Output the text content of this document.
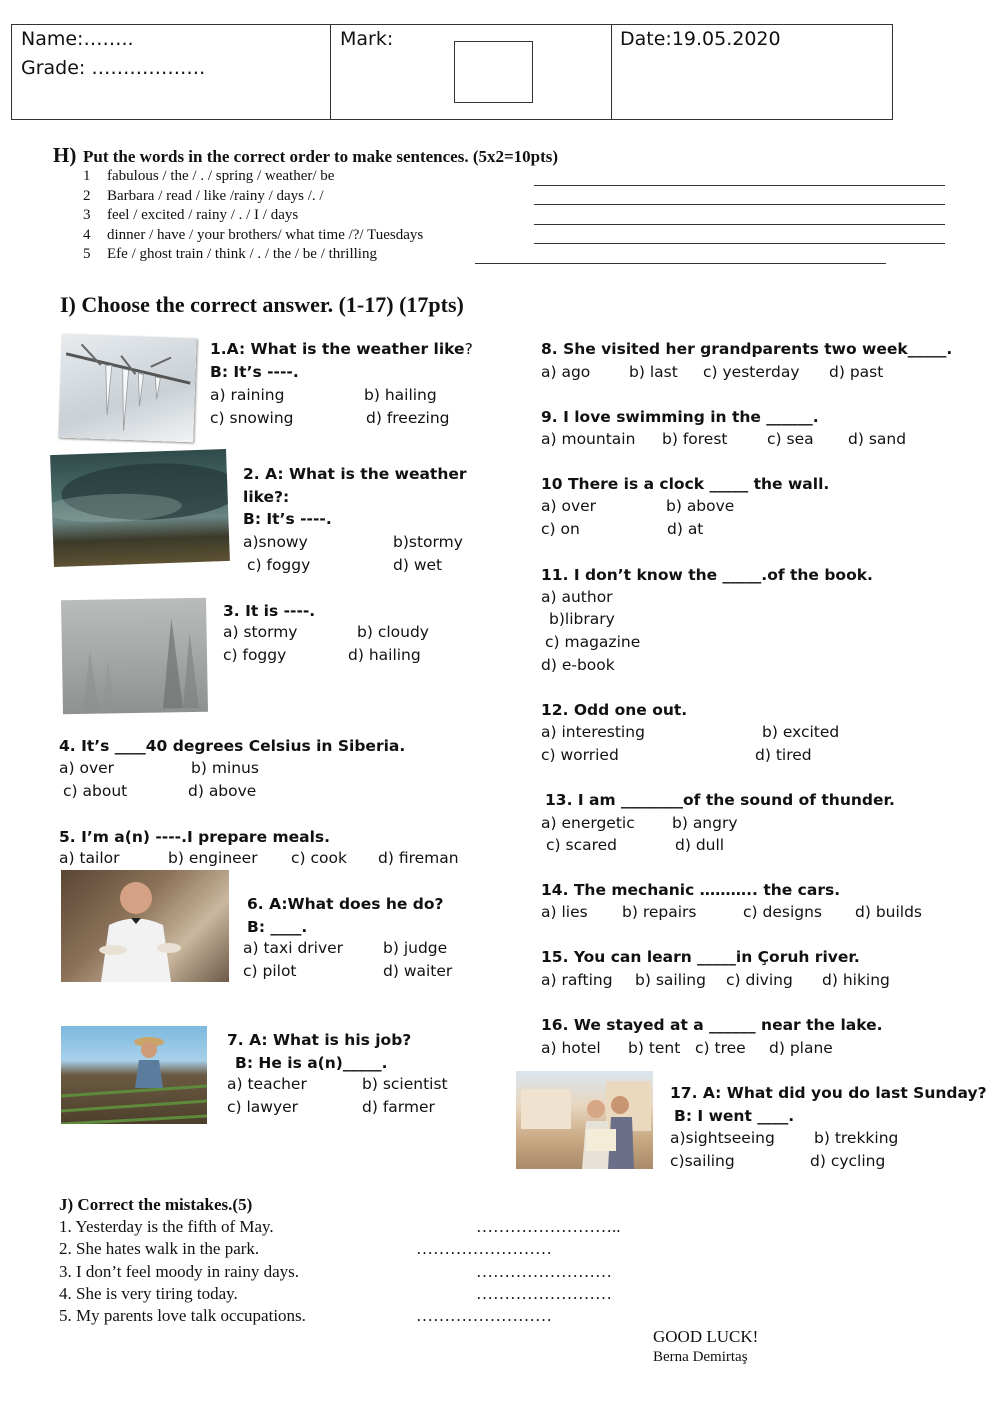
Name:……..
Grade: ………………
Mark:	Date:19.05.2020
H) Put the words in the correct order to make sentences. (5x2=10pts)
1 fabulous / the / . / spring / weather/ be
2 Barbara / read / like /rainy / days /. /
3 feel / excited / rainy / . / I / days
4 dinner / have / your brothers/ what time /?/ Tuesdays
5 Efe / ghost train / think / . / the / be / thrilling
I) Choose the correct answer. (1-17) (17pts)
1.A: What is the weather like?
B: It’s ----.
a) raining	b) hailing
c) snowing	d) freezing
2. A: What is the weather
like?:
B: It’s ----.
a)snowy	b)stormy
c) foggy	d) wet
3. It is ----.
a) stormy	b) cloudy
c) foggy	d) hailing
4. It’s ____40 degrees Celsius in Siberia.
a) over	b) minus
c) about	d) above
5. I’m a(n) ----.I prepare meals.
a) tailor	b) engineer c) cook d) fireman
6. A:What does he do?
B: ____.
a) taxi driver	b) judge
c) pilot	d) waiter
7. A: What is his job?
B: He is a(n)_____.
a) teacher	b) scientist
c) lawyer	d) farmer
8. She visited her grandparents two week_____.
a) ago b) last c) yesterday d) past
9. I love swimming in the ______.
a) mountain b) forest	c) sea d) sand
10 There is a clock _____ the wall.
a) over	b) above
c) on	d) at
11. I don’t know the _____.of the book.
a) author
b)library
c) magazine
d) e-book
12. Odd one out.
a) interesting	b) excited
c) worried	d) tired
13. I am ________of the sound of thunder.
a) energetic b) angry
c) scared	d) dull
14. The mechanic ……….. the cars.
a) lies b) repairs	c) designs d) builds
15. You can learn _____in Çoruh river.
a) rafting b) sailing c) diving d) hiking
16. We stayed at a ______ near the lake.
a) hotel b) tent c) tree d) plane
17. A: What did you do last Sunday?
B: I went ____.
a)sightseeing	b) trekking
c)sailing	d) cycling
J) Correct the mistakes.(5)
1. Yesterday is the fifth of May.	……………………..
2. She hates walk in the park.	……………………
3. I don’t feel moody in rainy days.	……………………
4. She is very tiring today.	……………………
5. My parents love talk occupations.	……………………
GOOD LUCK!
Berna Demirtaş
